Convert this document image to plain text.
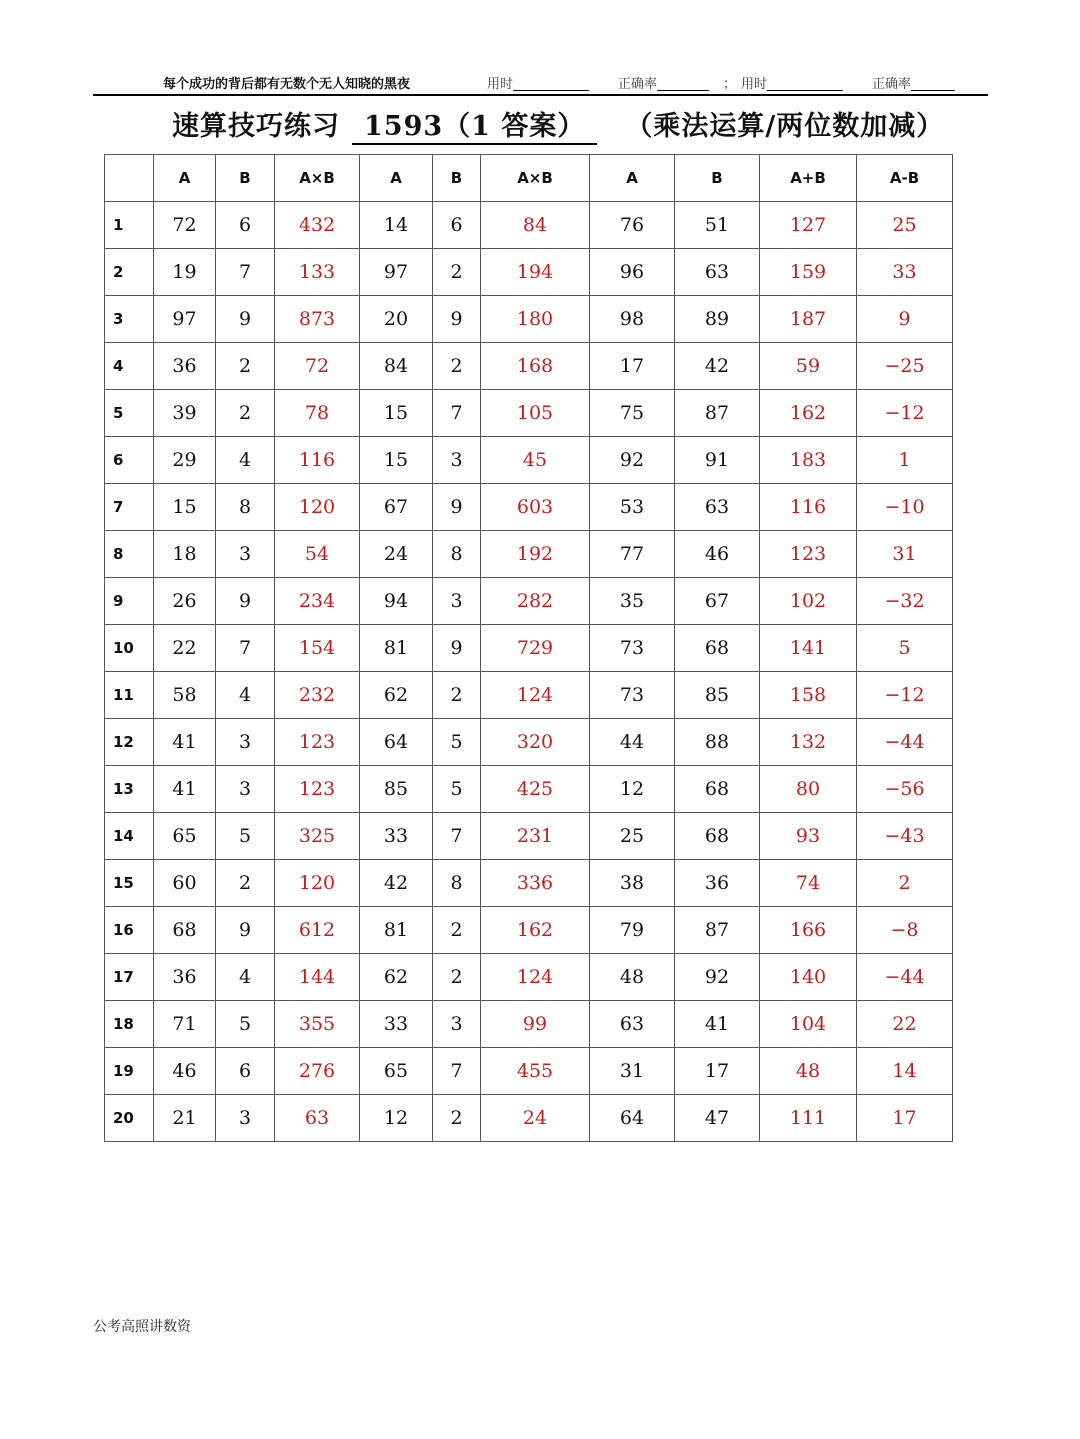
每个成功的背后都有无数个无人知晓的黑夜	用时	正确率	； 用时	正确率
速算技巧练习 1593（1 答案） （乘法运算/两位数加减）
	A	B	A×B	A	B	A×B	A	B	A+B	A-B
1	72	6	432	14	6	84	76	51	127	25
2	19	7	133	97	2	194	96	63	159	33
3	97	9	873	20	9	180	98	89	187	9
4	36	2	72	84	2	168	17	42	59	−25
5	39	2	78	15	7	105	75	87	162	−12
6	29	4	116	15	3	45	92	91	183	1
7	15	8	120	67	9	603	53	63	116	−10
8	18	3	54	24	8	192	77	46	123	31
9	26	9	234	94	3	282	35	67	102	−32
10	22	7	154	81	9	729	73	68	141	5
11	58	4	232	62	2	124	73	85	158	−12
12	41	3	123	64	5	320	44	88	132	−44
13	41	3	123	85	5	425	12	68	80	−56
14	65	5	325	33	7	231	25	68	93	−43
15	60	2	120	42	8	336	38	36	74	2
16	68	9	612	81	2	162	79	87	166	−8
17	36	4	144	62	2	124	48	92	140	−44
18	71	5	355	33	3	99	63	41	104	22
19	46	6	276	65	7	455	31	17	48	14
20	21	3	63	12	2	24	64	47	111	17
公考高照讲数资
